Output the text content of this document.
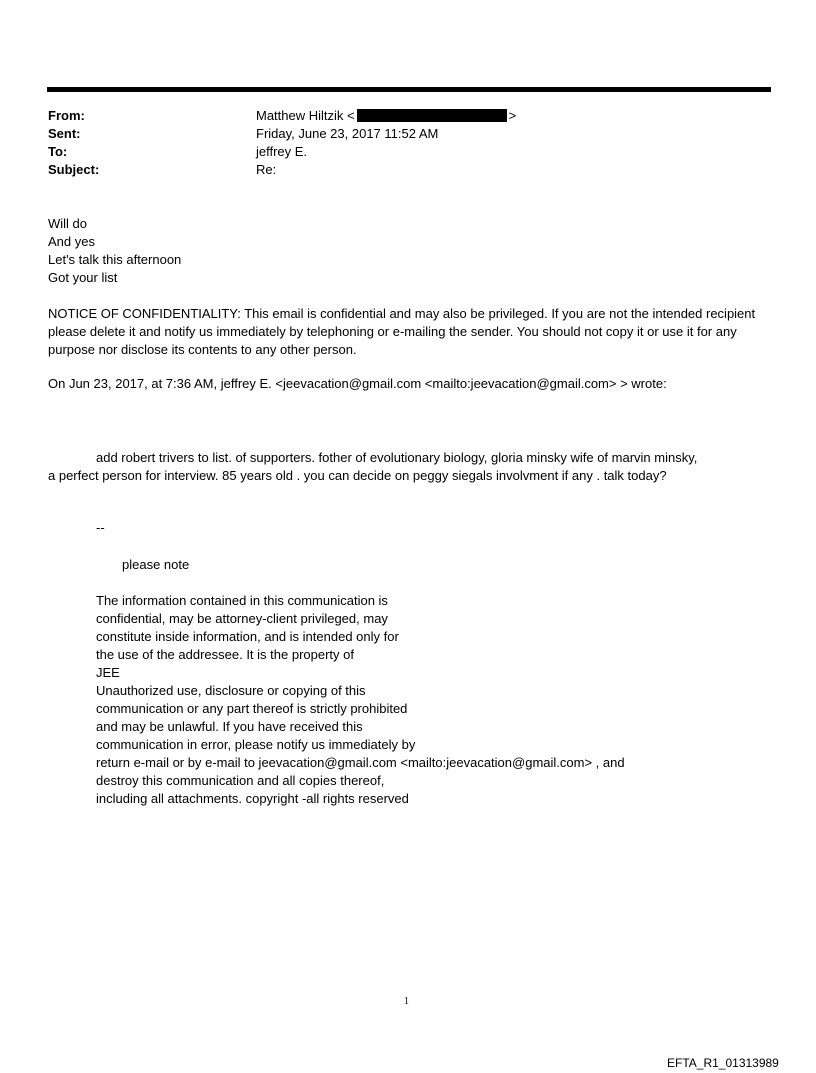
From:	Matthew Hiltzik <	>
Sent:	Friday, June 23, 2017 11:52 AM
To:	jeffrey E.
Subject:	Re:
Will do
And yes
Let's talk this afternoon
Got your list
NOTICE OF CONFIDENTIALITY: This email is confidential and may also be privileged. If you are not the intended recipient please delete it and notify us immediately by telephoning or e-mailing the sender. You should not copy it or use it for any purpose nor disclose its contents to any other person.
On Jun 23, 2017, at 7:36 AM, jeffrey E. <jeevacation@gmail.com <mailto:jeevacation@gmail.com> > wrote:
add robert trivers to list. of supporters. fother of evolutionary biology, gloria minsky wife of marvin minsky,
a perfect person for interview. 85 years old . you can decide on peggy siegals involvment if any . talk today?
--
please note
The information contained in this communication is
confidential, may be attorney-client privileged, may
constitute inside information, and is intended only for
the use of the addressee. It is the property of
JEE
Unauthorized use, disclosure or copying of this
communication or any part thereof is strictly prohibited
and may be unlawful. If you have received this
communication in error, please notify us immediately by
return e-mail or by e-mail to jeevacation@gmail.com <mailto:jeevacation@gmail.com> , and
destroy this communication and all copies thereof,
including all attachments. copyright -all rights reserved
1
EFTA_R1_01313989
